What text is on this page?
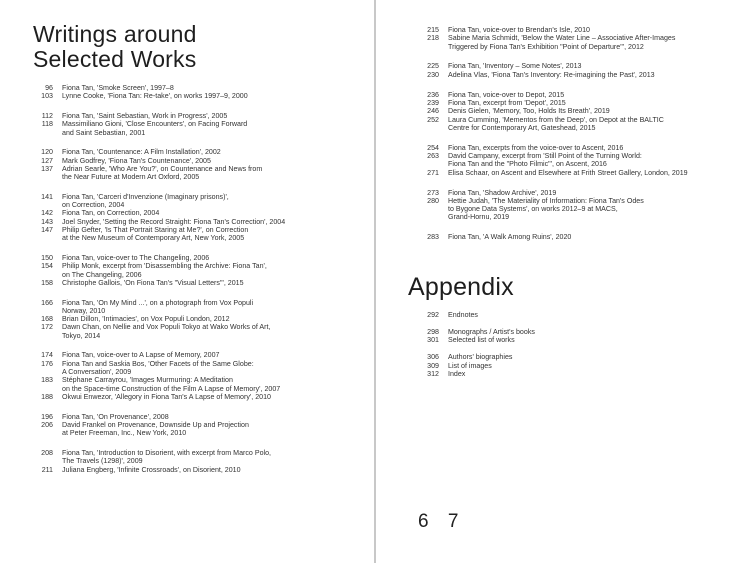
Writings around
Selected Works
96 Fiona Tan, 'Smoke Screen', 1997–8
103 Lynne Cooke, 'Fiona Tan: Re-take', on works 1997–9, 2000
112 Fiona Tan, 'Saint Sebastian, Work in Progress', 2005
118 Massimiliano Gioni, 'Close Encounters', on Facing Forward
and Saint Sebastian, 2001
120 Fiona Tan, 'Countenance: A Film Installation', 2002
127 Mark Godfrey, 'Fiona Tan's Countenance', 2005
137 Adrian Searle, 'Who Are You?', on Countenance and News from
the Near Future at Modern Art Oxford, 2005
141 Fiona Tan, 'Carceri d'Invenzione (Imaginary prisons)',
on Correction, 2004
142 Fiona Tan, on Correction, 2004
143 Joel Snyder, 'Setting the Record Straight: Fiona Tan's Correction', 2004
147 Philip Gefter, 'Is That Portrait Staring at Me?', on Correction
at the New Museum of Contemporary Art, New York, 2005
150 Fiona Tan, voice-over to The Changeling, 2006
154 Philip Monk, excerpt from 'Disassembling the Archive: Fiona Tan',
on The Changeling, 2006
158 Christophe Gallois, 'On Fiona Tan's "Visual Letters"', 2015
166 Fiona Tan, 'On My Mind ...', on a photograph from Vox Populi
Norway, 2010
168 Brian Dillon, 'Intimacies', on Vox Populi London, 2012
172 Dawn Chan, on Nellie and Vox Populi Tokyo at Wako Works of Art,
Tokyo, 2014
174 Fiona Tan, voice-over to A Lapse of Memory, 2007
176 Fiona Tan and Saskia Bos, 'Other Facets of the Same Globe:
A Conversation', 2009
183 Stéphane Carrayrou, 'Images Murmuring: A Meditation
on the Space-time Construction of the Film A Lapse of Memory', 2007
188 Okwui Enwezor, 'Allegory in Fiona Tan's A Lapse of Memory', 2010
196 Fiona Tan, 'On Provenance', 2008
206 David Frankel on Provenance, Downside Up and Projection
at Peter Freeman, Inc., New York, 2010
208 Fiona Tan, 'Introduction to Disorient, with excerpt from Marco Polo,
The Travels (1298)', 2009
211 Juliana Engberg, 'Infinite Crossroads', on Disorient, 2010
215 Fiona Tan, voice-over to Brendan's Isle, 2010
218 Sabine Maria Schmidt, 'Below the Water Line – Associative After-Images
Triggered by Fiona Tan's Exhibition "Point of Departure"', 2012
225 Fiona Tan, 'Inventory – Some Notes', 2013
230 Adelina Vlas, 'Fiona Tan's Inventory: Re-imagining the Past', 2013
236 Fiona Tan, voice-over to Depot, 2015
239 Fiona Tan, excerpt from 'Depot', 2015
246 Denis Gielen, 'Memory, Too, Holds Its Breath', 2019
252 Laura Cumming, 'Mementos from the Deep', on Depot at the BALTIC
Centre for Contemporary Art, Gateshead, 2015
254 Fiona Tan, excerpts from the voice-over to Ascent, 2016
263 David Campany, excerpt from 'Still Point of the Turning World:
Fiona Tan and the "Photo Filmic"', on Ascent, 2016
271 Elisa Schaar, on Ascent and Elsewhere at Frith Street Gallery, London, 2019
273 Fiona Tan, 'Shadow Archive', 2019
280 Hettie Judah, 'The Materiality of Information: Fiona Tan's Odes
to Bygone Data Systems', on works 2012–9 at MACS,
Grand-Hornu, 2019
283 Fiona Tan, 'A Walk Among Ruins', 2020
Appendix
292 Endnotes
298 Monographs / Artist's books
301 Selected list of works
306 Authors' biographies
309 List of images
312 Index
6 7
